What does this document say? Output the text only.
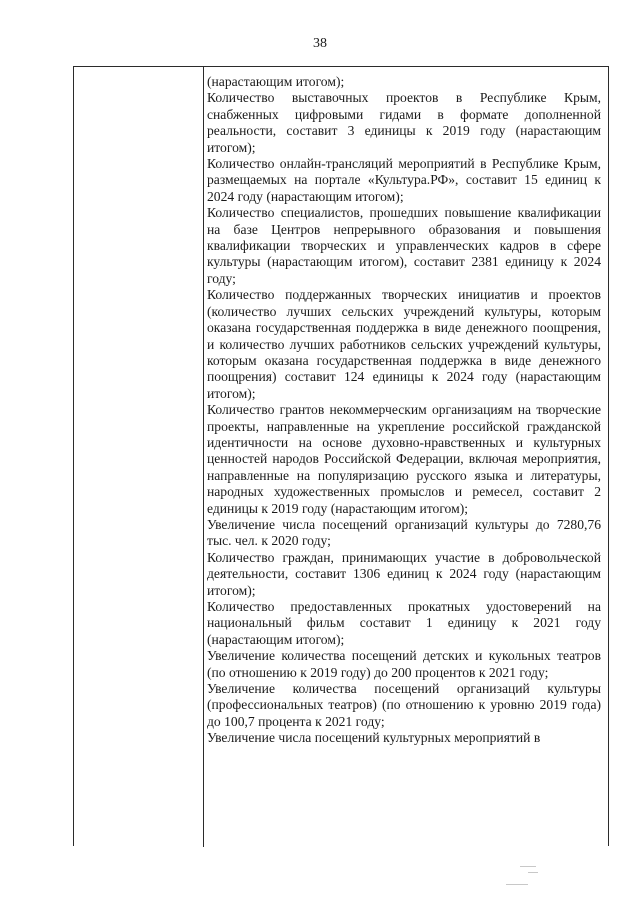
38

(нарастающим итогом);

Количество выставочных проектов в Республике Крым, снабженных цифровыми гидами в формате дополненной реальности, составит 3 единицы к 2019 году (нарастающим итогом);

Количество онлайн-трансляций мероприятий в Республике Крым, размещаемых на портале «Культура.РФ», составит 15 единиц к 2024 году (нарастающим итогом);

Количество специалистов, прошедших повышение квалификации на базе Центров непрерывного образования и повышения квалификации творческих и управленческих кадров в сфере культуры (нарастающим итогом), составит 2381 единицу к 2024 году;

Количество поддержанных творческих инициатив и проектов (количество лучших сельских учреждений культуры, которым оказана государственная поддержка в виде денежного поощрения, и количество лучших работников сельских учреждений культуры, которым оказана государственная поддержка в виде денежного поощрения) составит 124 единицы к 2024 году (нарастающим итогом);

Количество грантов некоммерческим организациям на творческие проекты, направленные на укрепление российской гражданской идентичности на основе духовно-нравственных и культурных ценностей народов Российской Федерации, включая мероприятия, направленные на популяризацию русского языка и литературы, народных художественных промыслов и ремесел, составит 2 единицы к 2019 году (нарастающим итогом);

Увеличение числа посещений организаций культуры до 7280,76 тыс. чел. к 2020 году;

Количество граждан, принимающих участие в добровольческой деятельности, составит 1306 единиц к 2024 году (нарастающим итогом);

Количество предоставленных прокатных удостоверений на национальный фильм составит 1 единицу к 2021 году (нарастающим итогом);

Увеличение количества посещений детских и кукольных театров (по отношению к 2019 году) до 200 процентов к 2021 году;

Увеличение количества посещений организаций культуры (профессиональных театров) (по отношению к уровню 2019 года) до 100,7 процента к 2021 году;

Увеличение числа посещений культурных мероприятий в
